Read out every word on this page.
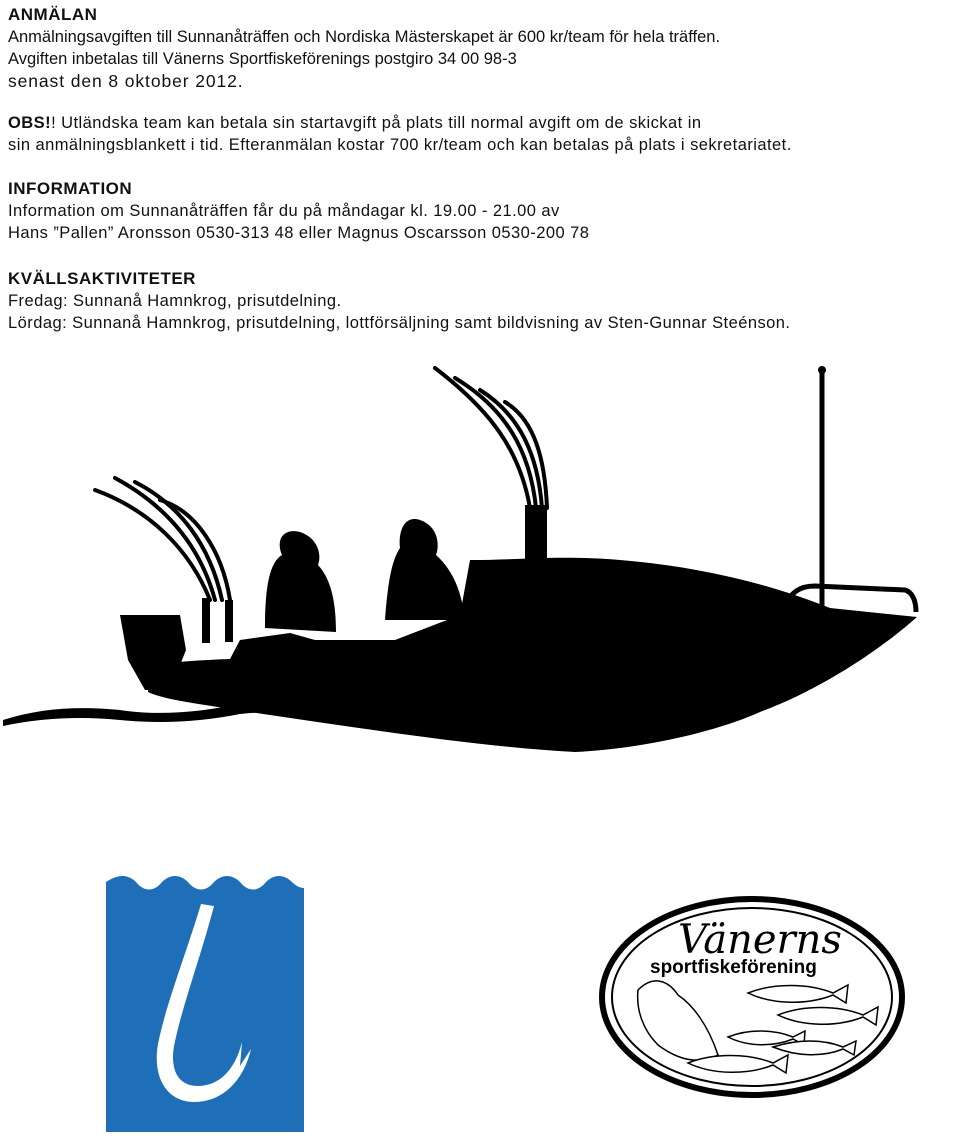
ANMÄLAN
Anmälningsavgiften till Sunnanåträffen och Nordiska Mästerskapet är 600 kr/team för hela träffen.
Avgiften inbetalas till Vänerns Sportfiskeförenings postgiro 34 00 98-3
senast den 8 oktober 2012.
OBS!! Utländska team kan betala sin startavgift på plats till normal avgift om de skickat in
sin anmälningsblankett i tid. Efteranmälan kostar 700 kr/team och kan betalas på plats i sekretariatet.
INFORMATION
Information om Sunnanåträffen får du på måndagar kl. 19.00 - 21.00 av
Hans ”Pallen” Aronsson 0530-313 48 eller Magnus Oscarsson 0530-200 78
KVÄLLSAKTIVITETER
Fredag: Sunnanå Hamnkrog, prisutdelning.
Lördag: Sunnanå Hamnkrog, prisutdelning, lottförsäljning samt bildvisning av Sten-Gunnar Steénson.
Vänerns
sportfiskeförening
